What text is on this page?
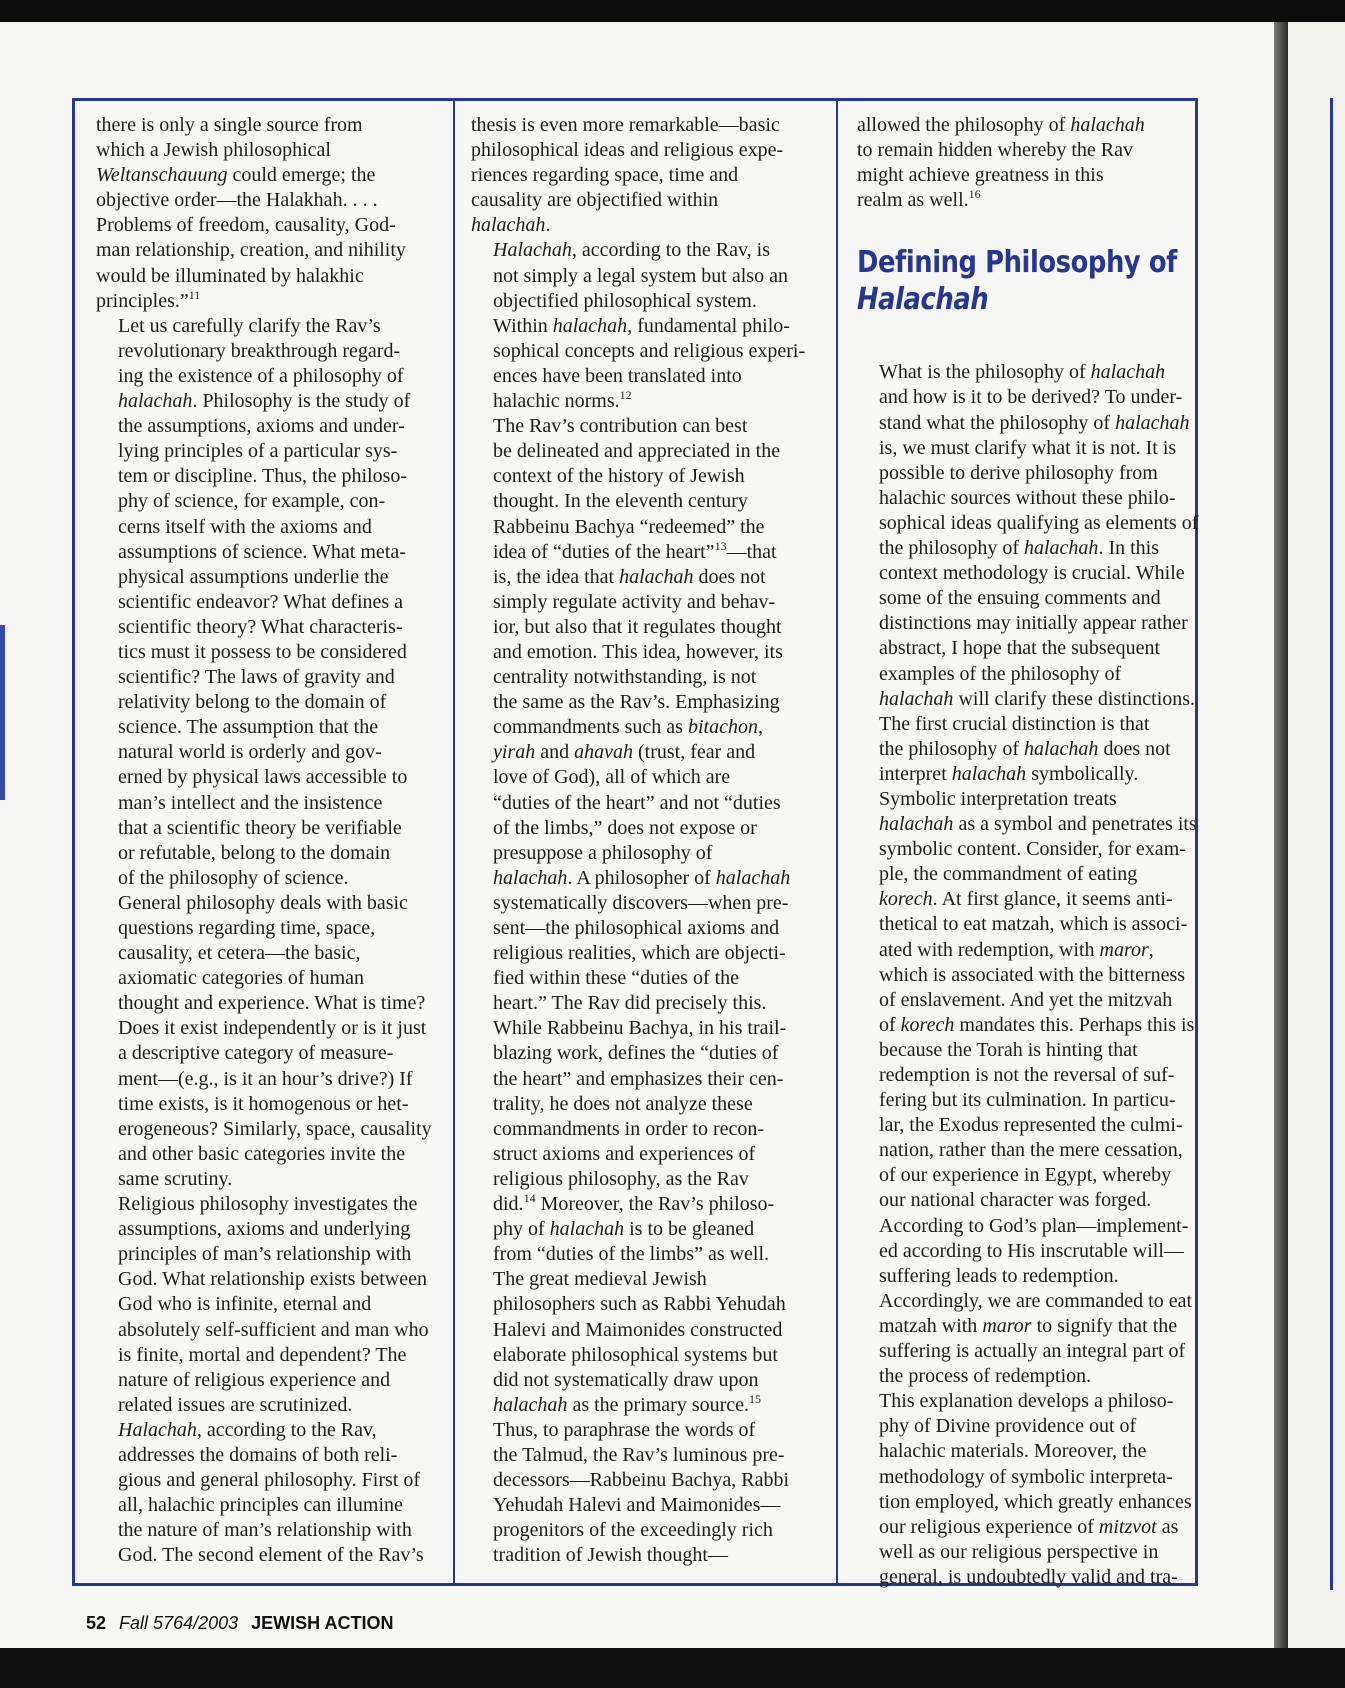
there is only a single source from
which a Jewish philosophical
Weltanschauung could emerge; the
objective order—the Halakhah. . . .
Problems of freedom, causality, God-
man relationship, creation, and nihility
would be illuminated by halakhic
principles.”$^{11}$

Let us carefully clarify the Rav’s
revolutionary breakthrough regard-
ing the existence of a philosophy of
halachah. Philosophy is the study of
the assumptions, axioms and under-
lying principles of a particular sys-
tem or discipline. Thus, the philoso-
phy of science, for example, con-
cerns itself with the axioms and
assumptions of science. What meta-
physical assumptions underlie the
scientific endeavor? What defines a
scientific theory? What characteris-
tics must it possess to be considered
scientific? The laws of gravity and
relativity belong to the domain of
science. The assumption that the
natural world is orderly and gov-
erned by physical laws accessible to
man’s intellect and the insistence
that a scientific theory be verifiable
or refutable, belong to the domain
of the philosophy of science.

General philosophy deals with basic
questions regarding time, space,
causality, et cetera—the basic,
axiomatic categories of human
thought and experience. What is time?
Does it exist independently or is it just
a descriptive category of measure-
ment—(e.g., is it an hour’s drive?) If
time exists, is it homogenous or het-
erogeneous? Similarly, space, causality
and other basic categories invite the
same scrutiny.

Religious philosophy investigates the
assumptions, axioms and underlying
principles of man’s relationship with
God. What relationship exists between
God who is infinite, eternal and
absolutely self-sufficient and man who
is finite, mortal and dependent? The
nature of religious experience and
related issues are scrutinized.

Halachah, according to the Rav,
addresses the domains of both reli-
gious and general philosophy. First of
all, halachic principles can illumine
the nature of man’s relationship with
God. The second element of the Rav’s

thesis is even more remarkable—basic
philosophical ideas and religious expe-
riences regarding space, time and
causality are objectified within
halachah.

Halachah, according to the Rav, is
not simply a legal system but also an
objectified philosophical system.
Within halachah, fundamental philo-
sophical concepts and religious experi-
ences have been translated into
halachic norms.$^{12}$

The Rav’s contribution can best
be delineated and appreciated in the
context of the history of Jewish
thought. In the eleventh century
Rabbeinu Bachya “redeemed” the
idea of “duties of the heart”$^{13}$—that
is, the idea that halachah does not
simply regulate activity and behav-
ior, but also that it regulates thought
and emotion. This idea, however, its
centrality notwithstanding, is not
the same as the Rav’s. Emphasizing
commandments such as bitachon,
yirah and ahavah (trust, fear and
love of God), all of which are
“duties of the heart” and not “duties
of the limbs,” does not expose or
presuppose a philosophy of
halachah. A philosopher of halachah
systematically discovers—when pre-
sent—the philosophical axioms and
religious realities, which are objecti-
fied within these “duties of the
heart.” The Rav did precisely this.
While Rabbeinu Bachya, in his trail-
blazing work, defines the “duties of
the heart” and emphasizes their cen-
trality, he does not analyze these
commandments in order to recon-
struct axioms and experiences of
religious philosophy, as the Rav
did.$^{14}$ Moreover, the Rav’s philoso-
phy of halachah is to be gleaned
from “duties of the limbs” as well.

The great medieval Jewish
philosophers such as Rabbi Yehudah
Halevi and Maimonides constructed
elaborate philosophical systems but
did not systematically draw upon
halachah as the primary source.$^{15}$
Thus, to paraphrase the words of
the Talmud, the Rav’s luminous pre-
decessors—Rabbeinu Bachya, Rabbi
Yehudah Halevi and Maimonides—
progenitors of the exceedingly rich
tradition of Jewish thought—

allowed the philosophy of halachah
to remain hidden whereby the Rav
might achieve greatness in this
realm as well.$^{16}$

Defining Philosophy of
Halachah

What is the philosophy of halachah
and how is it to be derived? To under-
stand what the philosophy of halachah
is, we must clarify what it is not. It is
possible to derive philosophy from
halachic sources without these philo-
sophical ideas qualifying as elements of
the philosophy of halachah. In this
context methodology is crucial. While
some of the ensuing comments and
distinctions may initially appear rather
abstract, I hope that the subsequent
examples of the philosophy of
halachah will clarify these distinctions.

The first crucial distinction is that
the philosophy of halachah does not
interpret halachah symbolically.
Symbolic interpretation treats
halachah as a symbol and penetrates its
symbolic content. Consider, for exam-
ple, the commandment of eating
korech. At first glance, it seems anti-
thetical to eat matzah, which is associ-
ated with redemption, with maror,
which is associated with the bitterness
of enslavement. And yet the mitzvah
of korech mandates this. Perhaps this is
because the Torah is hinting that
redemption is not the reversal of suf-
fering but its culmination. In particu-
lar, the Exodus represented the culmi-
nation, rather than the mere cessation,
of our experience in Egypt, whereby
our national character was forged.
According to God’s plan—implement-
ed according to His inscrutable will—
suffering leads to redemption.
Accordingly, we are commanded to eat
matzah with maror to signify that the
suffering is actually an integral part of
the process of redemption.

This explanation develops a philoso-
phy of Divine providence out of
halachic materials. Moreover, the
methodology of symbolic interpreta-
tion employed, which greatly enhances
our religious experience of mitzvot as
well as our religious perspective in
general, is undoubtedly valid and tra-

52 Fall 5764/2003 JEWISH ACTION
